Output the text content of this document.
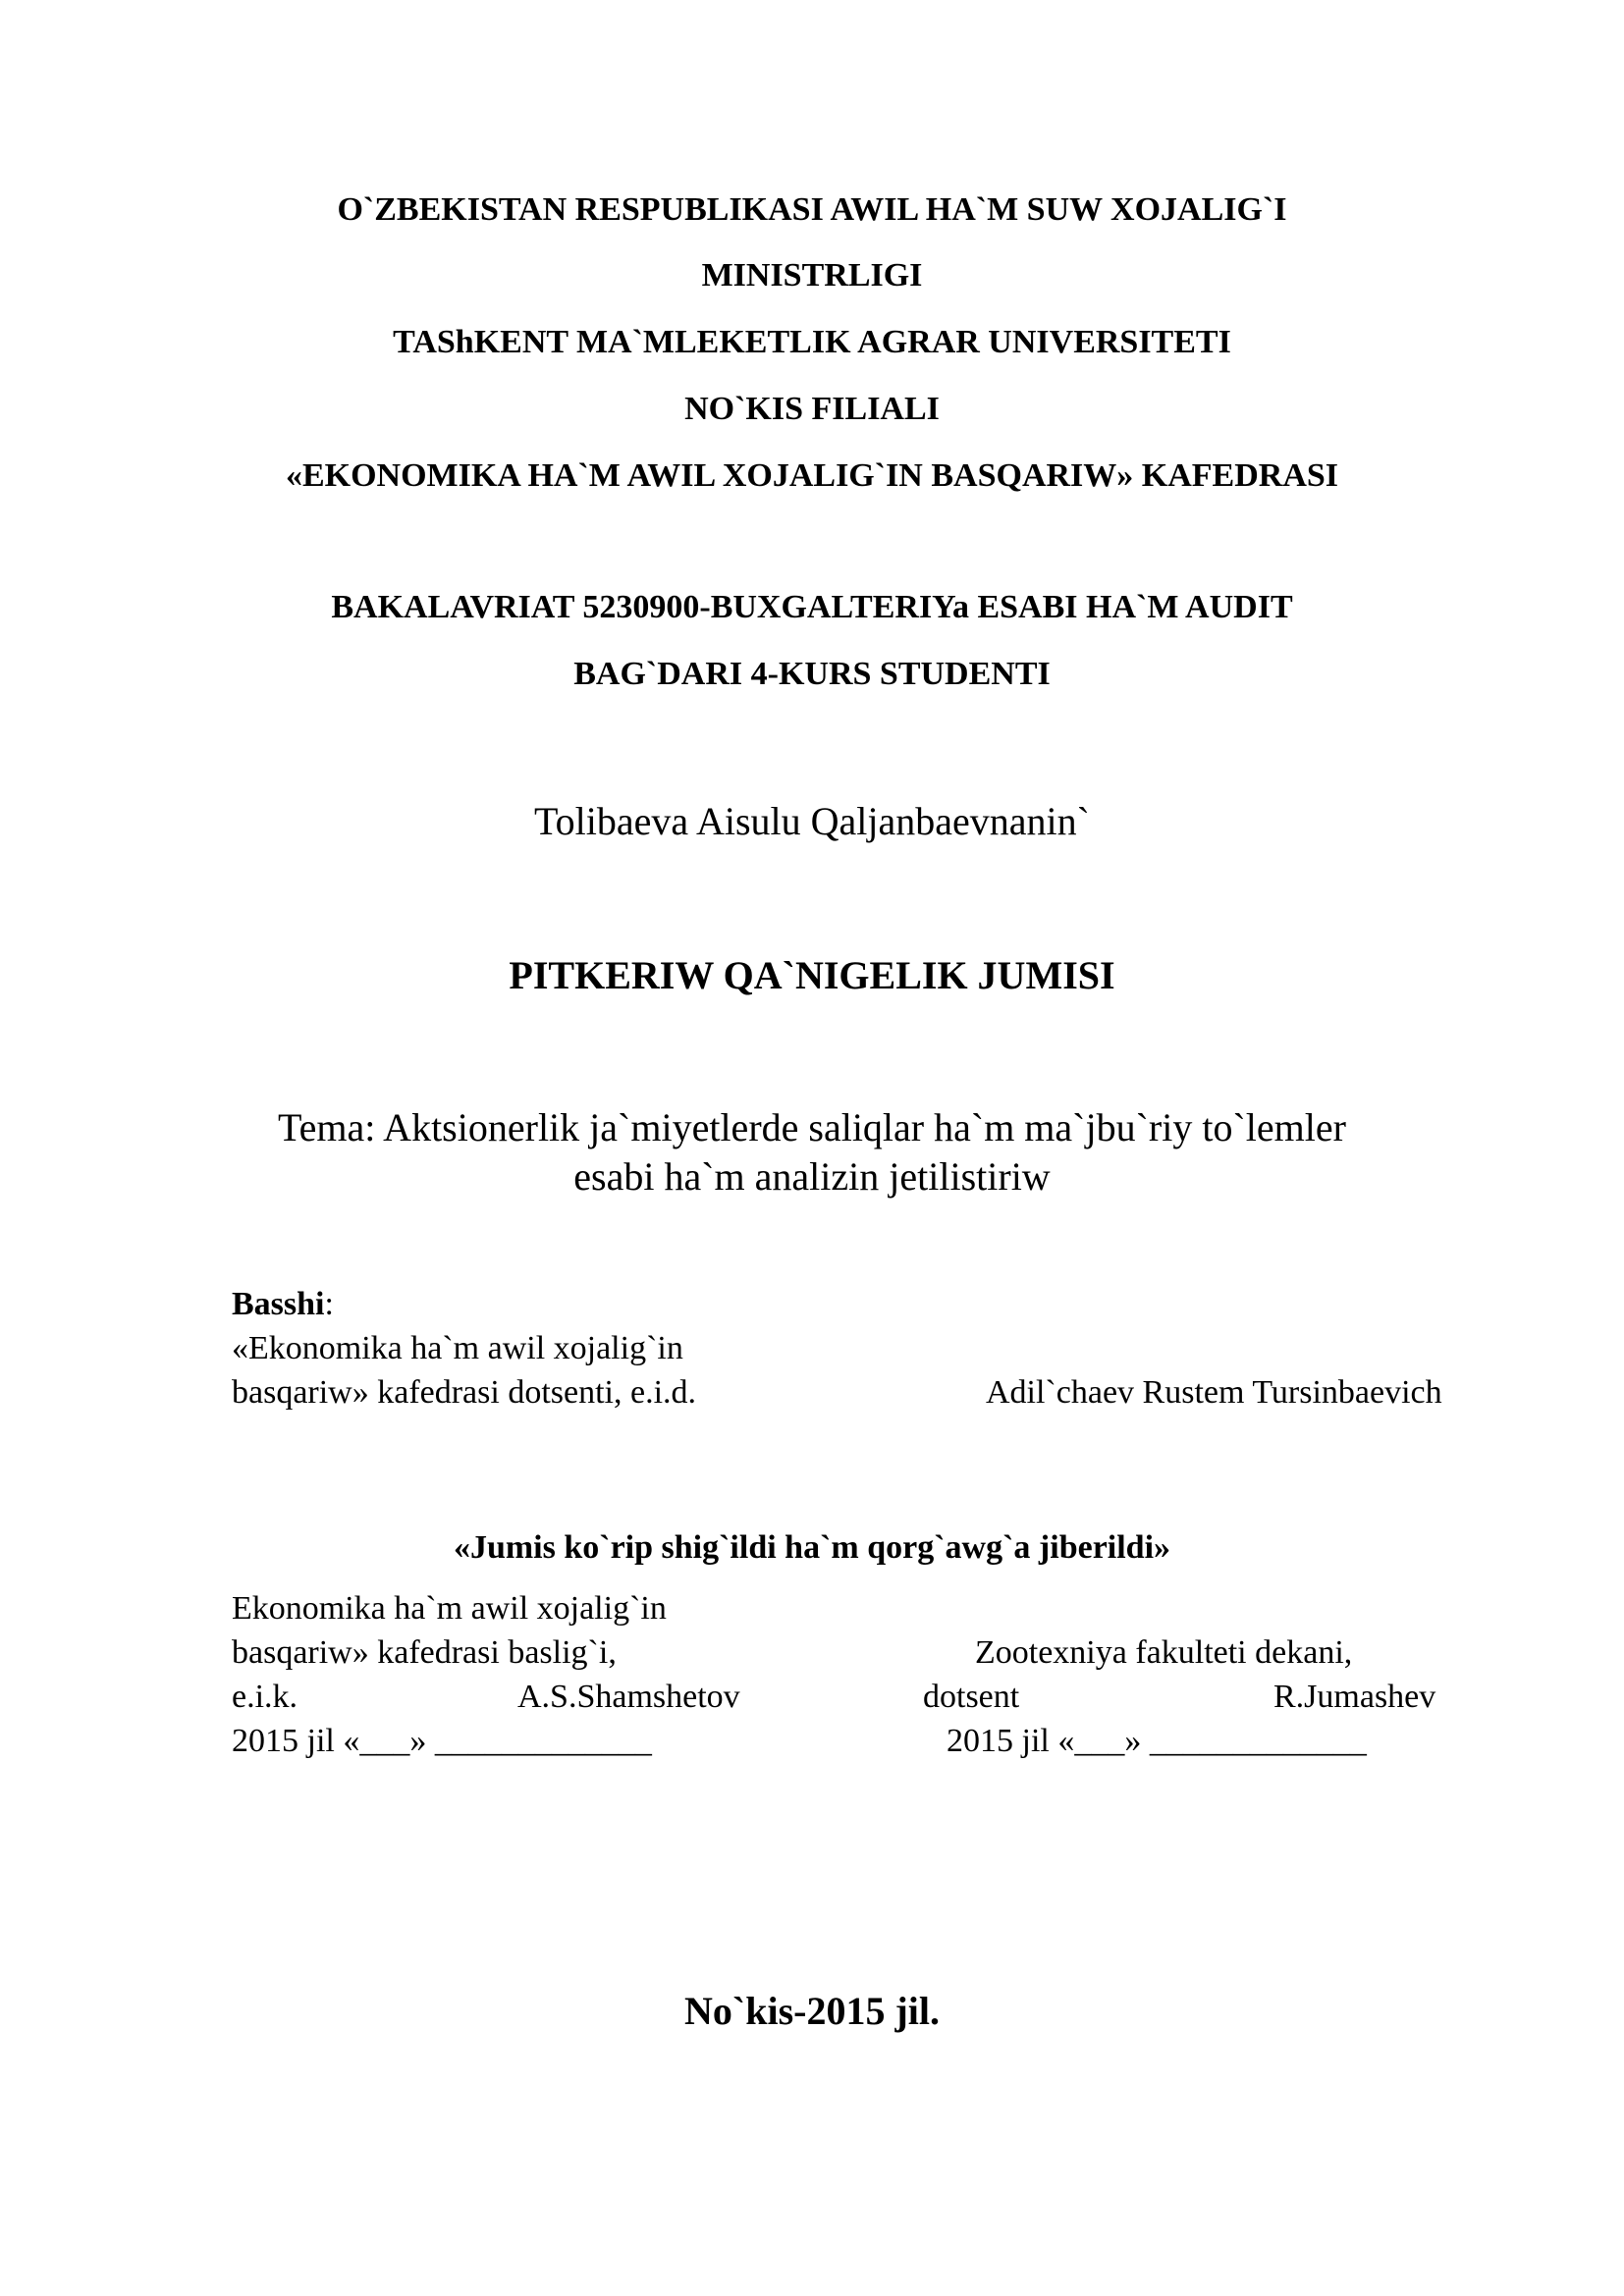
O`ZBEKISTAN RESPUBLIKASI AWIL HA`M SUW XOJALIG`I
MINISTRLIGI
TAShKENT MA`MLEKETLIK AGRAR UNIVERSITETI
NO`KIS FILIALI
«EKONOMIKA HA`M AWIL XOJALIG`IN BASQARIW» KAFEDRASI
BAKALAVRIAT 5230900-BUXGALTERIYa ESABI HA`M AUDIT
BAG`DARI 4-KURS STUDENTI
Tolibaeva Aisulu Qaljanbaevnanin`
PITKERIW QA`NIGELIK JUMISI
Tema: Aktsionerlik ja`miyetlerde saliqlar ha`m ma`jbu`riy to`lemler
esabi ha`m analizin jetilistiriw
Basshi:
«Ekonomika ha`m awil xojalig`in
basqariw» kafedrasi dotsenti, e.i.d.	Adil`chaev Rustem Tursinbaevich
«Jumis ko`rip shig`ildi ha`m qorg`awg`a jiberildi»
Ekonomika ha`m awil xojalig`in
basqariw» kafedrasi baslig`i,
e.i.k.	A.S.Shamshetov
2015 jil «___» _____________
Zootexniya fakulteti dekani,
dotsent	R.Jumashev
2015 jil «___» _____________
No`kis-2015 jil.
